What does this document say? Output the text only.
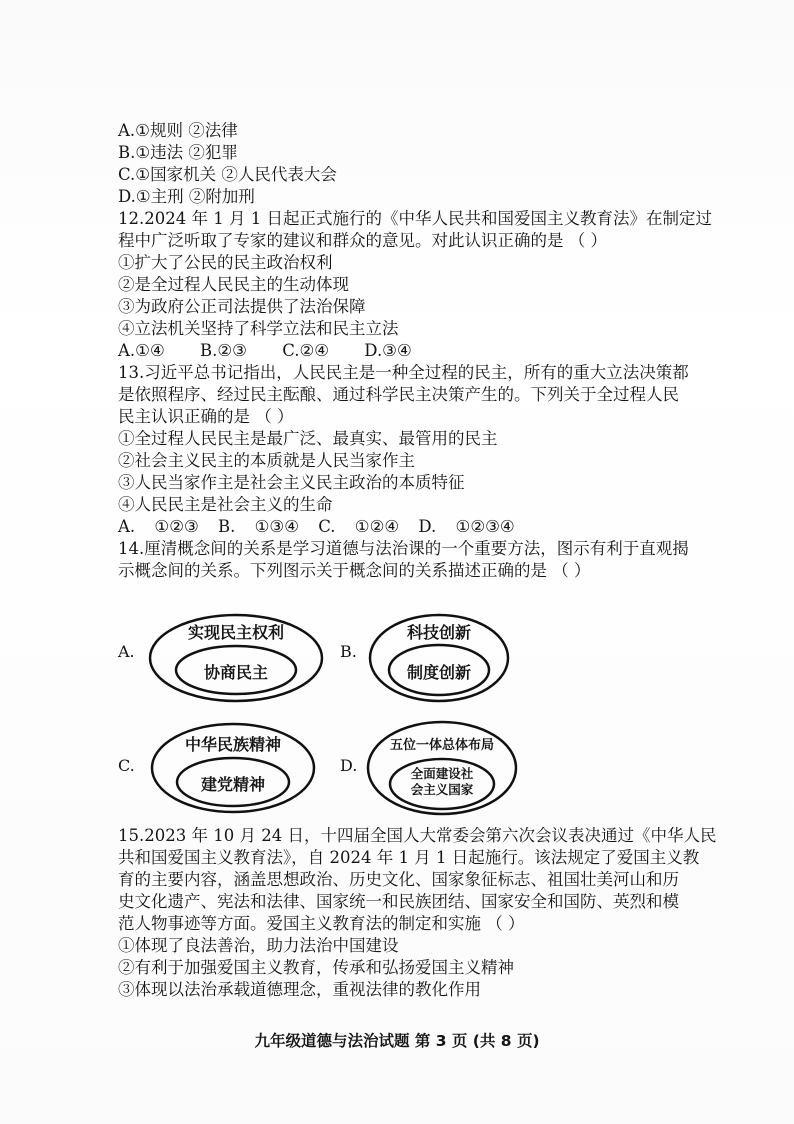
A.①规则 ②法律
B.①违法 ②犯罪
C.①国家机关 ②人民代表大会
D.①主刑 ②附加刑
12.2024 年 1 月 1 日起正式施行的《中华人民共和国爱国主义教育法》在制定过
程中广泛听取了专家的建议和群众的意见。对此认识正确的是 （ ）
①扩大了公民的民主政治权利
②是全过程人民民主的生动体现
③为政府公正司法提供了法治保障
④立法机关坚持了科学立法和民主立法
A.①④ B.②③ C.②④ D.③④
13.习近平总书记指出，人民民主是一种全过程的民主，所有的重大立法决策都
是依照程序、经过民主酝酿、通过科学民主决策产生的。下列关于全过程人民
民主认识正确的是 （ ）
①全过程人民民主是最广泛、最真实、最管用的民主
②社会主义民主的本质就是人民当家作主
③人民当家作主是社会主义民主政治的本质特征
④人民民主是社会主义的生命
A. ①②③ B. ①③④ C. ①②④ D. ①②③④
14.厘清概念间的关系是学习道德与法治课的一个重要方法，图示有利于直观揭
示概念间的关系。下列图示关于概念间的关系描述正确的是 （ ）
A.
实现民主权利
协商民主
B.
科技创新
制度创新
C.
中华民族精神
建党精神
D.
五位一体总体布局
全面建设社
会主义国家
15.2023 年 10 月 24 日，十四届全国人大常委会第六次会议表决通过《中华人民
共和国爱国主义教育法》，自 2024 年 1 月 1 日起施行。该法规定了爱国主义教
育的主要内容，涵盖思想政治、历史文化、国家象征标志、祖国壮美河山和历
史文化遗产、宪法和法律、国家统一和民族团结、国家安全和国防、英烈和模
范人物事迹等方面。爱国主义教育法的制定和实施 （ ）
①体现了良法善治，助力法治中国建设
②有利于加强爱国主义教育，传承和弘扬爱国主义精神
③体现以法治承载道德理念，重视法律的教化作用
九年级道德与法治试题 第 3 页 (共 8 页)
